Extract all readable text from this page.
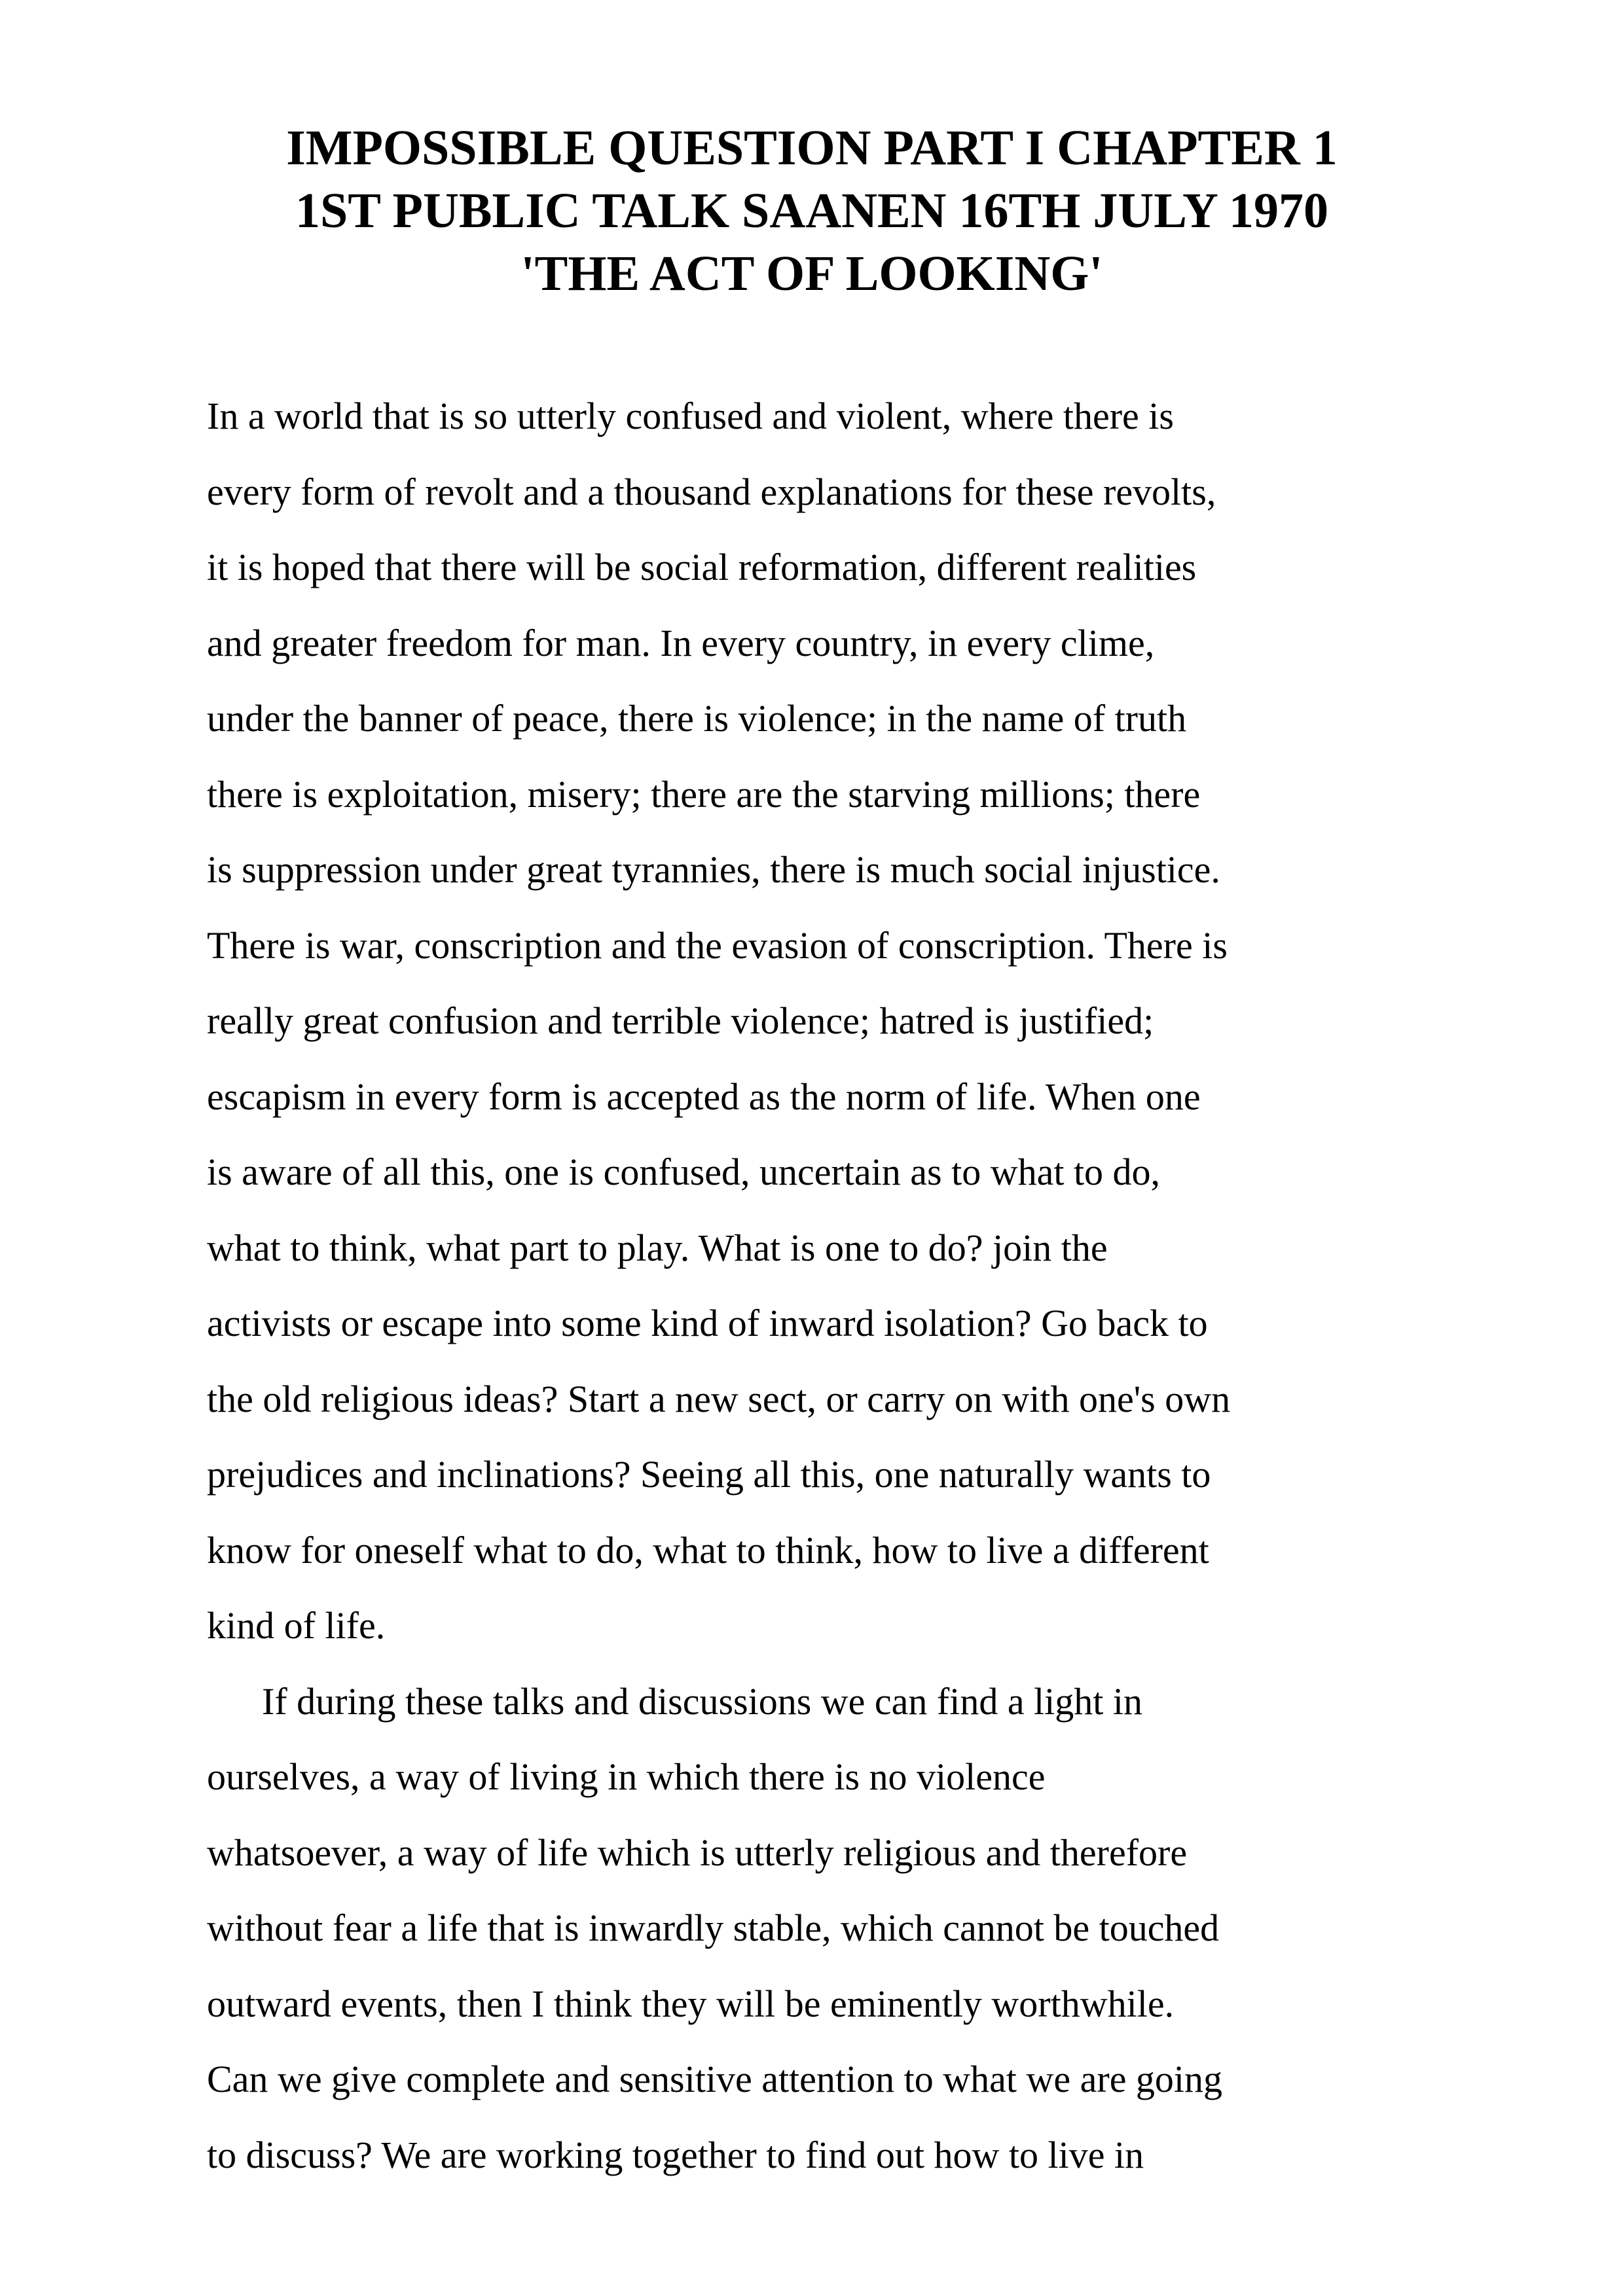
IMPOSSIBLE QUESTION PART I CHAPTER 1
1ST PUBLIC TALK SAANEN 16TH JULY 1970
'THE ACT OF LOOKING'
In a world that is so utterly confused and violent, where there is
every form of revolt and a thousand explanations for these revolts,
it is hoped that there will be social reformation, different realities
and greater freedom for man. In every country, in every clime,
under the banner of peace, there is violence; in the name of truth
there is exploitation, misery; there are the starving millions; there
is suppression under great tyrannies, there is much social injustice.
There is war, conscription and the evasion of conscription. There is
really great confusion and terrible violence; hatred is justified;
escapism in every form is accepted as the norm of life. When one
is aware of all this, one is confused, uncertain as to what to do,
what to think, what part to play. What is one to do? join the
activists or escape into some kind of inward isolation? Go back to
the old religious ideas? Start a new sect, or carry on with one's own
prejudices and inclinations? Seeing all this, one naturally wants to
know for oneself what to do, what to think, how to live a different
kind of life.
If during these talks and discussions we can find a light in
ourselves, a way of living in which there is no violence
whatsoever, a way of life which is utterly religious and therefore
without fear a life that is inwardly stable, which cannot be touched
outward events, then I think they will be eminently worthwhile.
Can we give complete and sensitive attention to what we are going
to discuss? We are working together to find out how to live in
